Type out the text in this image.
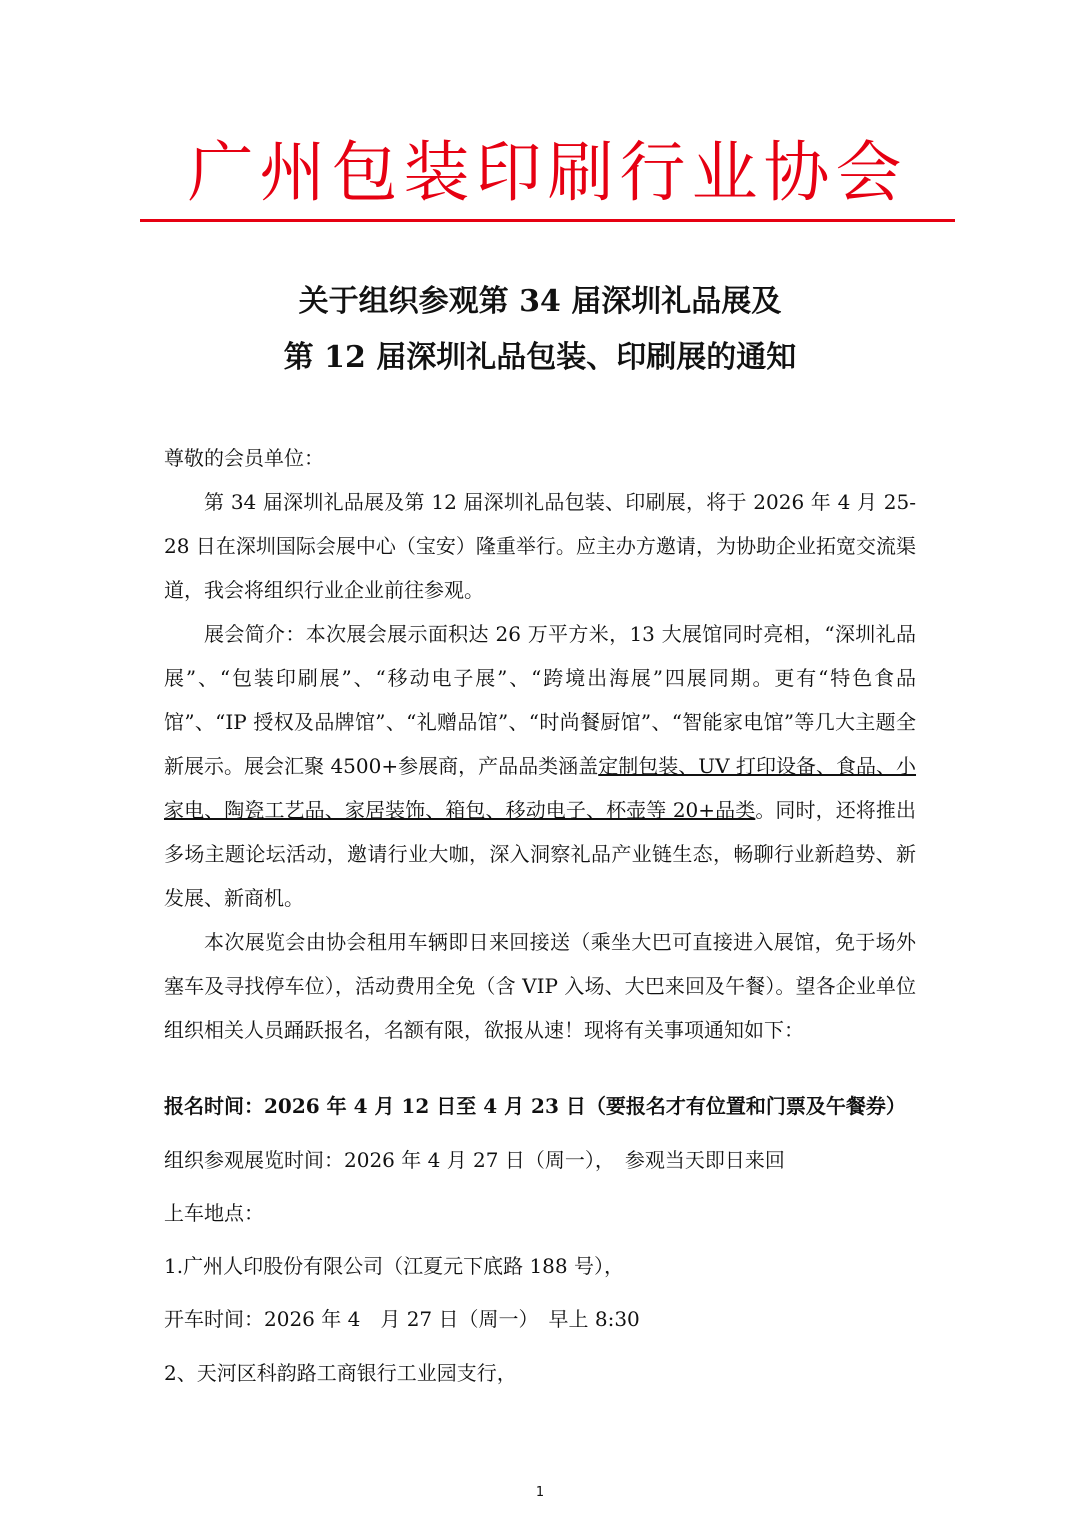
广州包装印刷行业协会
关于组织参观第 34 届深圳礼品展及
第 12 届深圳礼品包装、印刷展的通知

尊敬的会员单位：

第 34 届深圳礼品展及第 12 届深圳礼品包装、印刷展，将于 2026 年 4 月 25-28 日在深圳国际会展中心（宝安）隆重举行。应主办方邀请，为协助企业拓宽交流渠道，我会将组织行业企业前往参观。

展会简介：本次展会展示面积达 26 万平方米，13 大展馆同时亮相，“深圳礼品展”、“包装印刷展”、“移动电子展”、“跨境出海展”四展同期。更有“特色食品馆”、“IP 授权及品牌馆”、“礼赠品馆”、“时尚餐厨馆”、“智能家电馆”等几大主题全新展示。展会汇聚 4500+参展商，产品品类涵盖定制包装、UV 打印设备、食品、小家电、陶瓷工艺品、家居装饰、箱包、移动电子、杯壶等 20+品类。同时，还将推出多场主题论坛活动，邀请行业大咖，深入洞察礼品产业链生态，畅聊行业新趋势、新发展、新商机。

本次展览会由协会租用车辆即日来回接送（乘坐大巴可直接进入展馆，免于场外塞车及寻找停车位），活动费用全免（含 VIP 入场、大巴来回及午餐）。望各企业单位组织相关人员踊跃报名，名额有限，欲报从速！现将有关事项通知如下：

报名时间：2026 年 4 月 12 日至 4 月 23 日（要报名才有位置和门票及午餐券）
组织参观展览时间：2026 年 4 月 27 日（周一），　参观当天即日来回
上车地点：
1.广州人印股份有限公司（江夏元下底路 188 号），
开车时间：2026 年 4　月 27 日（周一）　早上 8:30
2、天河区科韵路工商银行工业园支行，
1
